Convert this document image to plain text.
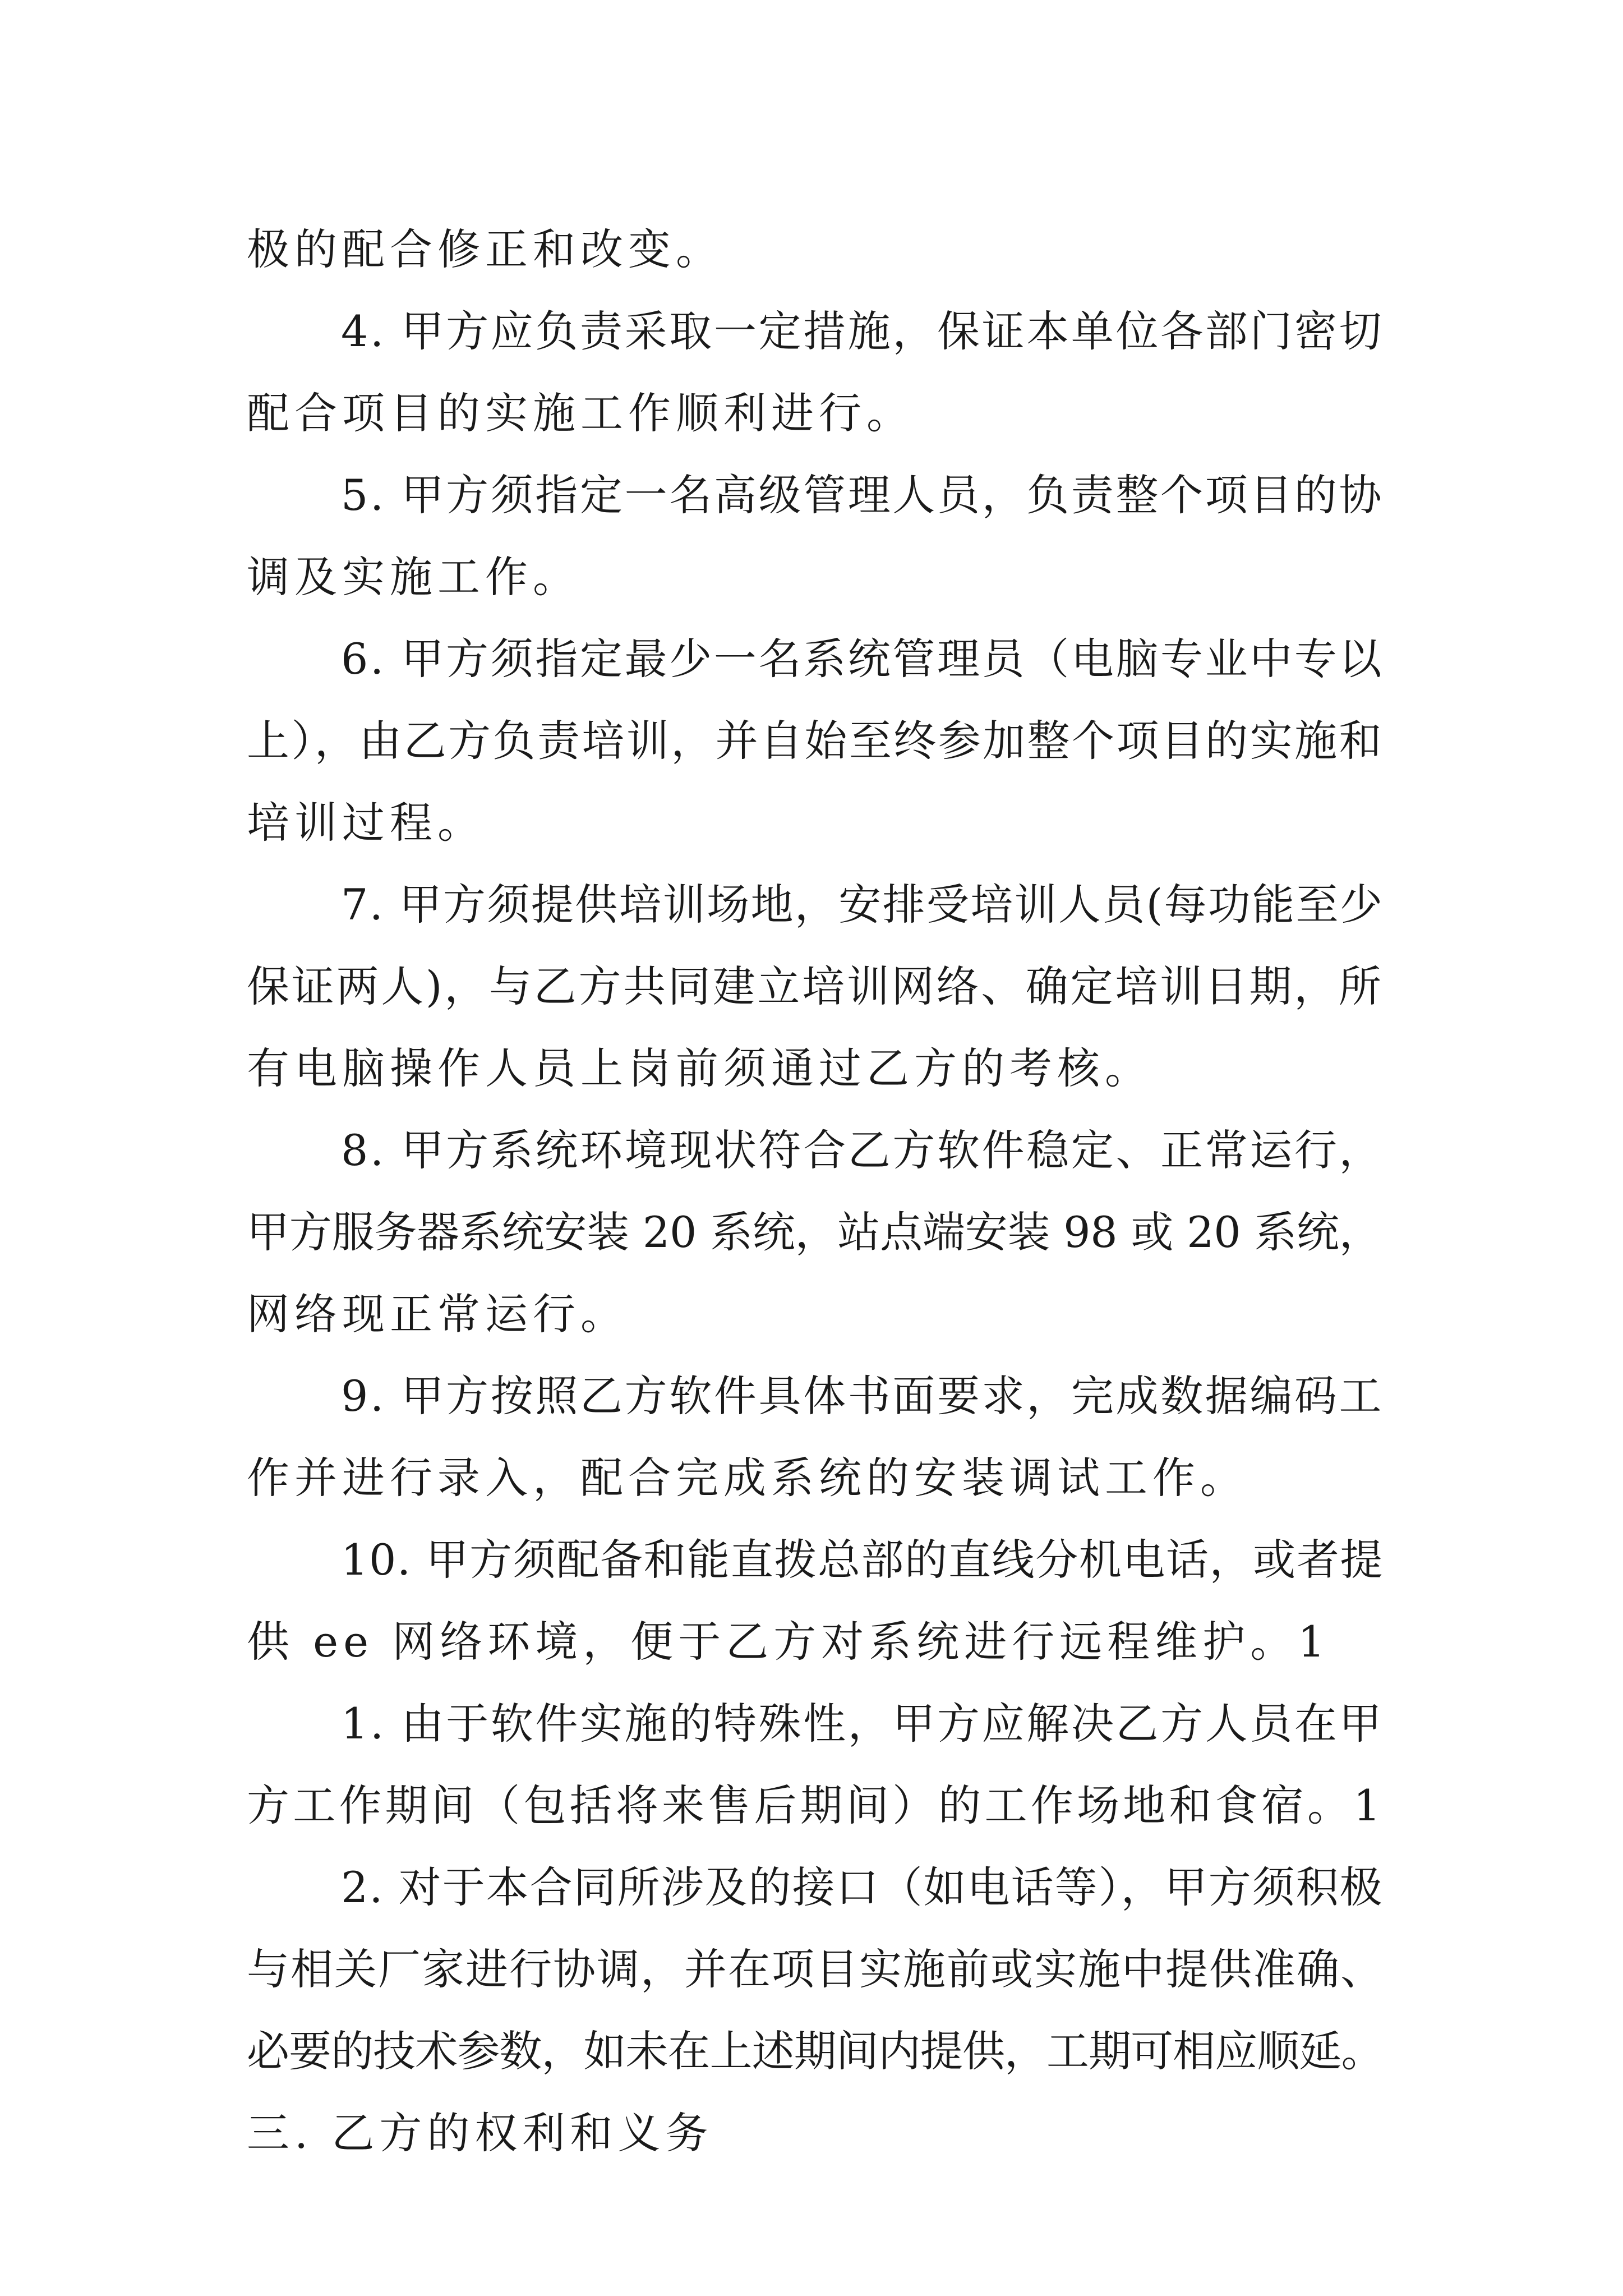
极的配合修正和改变。
4. 甲方应负责采取一定措施，保证本单位各部门密切
配合项目的实施工作顺利进行。
5. 甲方须指定一名高级管理人员，负责整个项目的协
调及实施工作。
6. 甲方须指定最少一名系统管理员（电脑专业中专以
上），由乙方负责培训，并自始至终参加整个项目的实施和
培训过程。
7. 甲方须提供培训场地，安排受培训人员(每功能至少
保证两人)，与乙方共同建立培训网络、确定培训日期，所
有电脑操作人员上岗前须通过乙方的考核。
8. 甲方系统环境现状符合乙方软件稳定、正常运行，
甲方服务器系统安装 20 系统，站点端安装 98 或 20 系统，
网络现正常运行。
9. 甲方按照乙方软件具体书面要求，完成数据编码工
作并进行录入，配合完成系统的安装调试工作。
10. 甲方须配备和能直拨总部的直线分机电话，或者提
供 ee 网络环境，便于乙方对系统进行远程维护。1
1. 由于软件实施的特殊性，甲方应解决乙方人员在甲
方工作期间（包括将来售后期间）的工作场地和食宿。1
2. 对于本合同所涉及的接口（如电话等），甲方须积极
与相关厂家进行协调，并在项目实施前或实施中提供准确、
必要的技术参数，如未在上述期间内提供，工期可相应顺延。
三. 乙方的权利和义务
